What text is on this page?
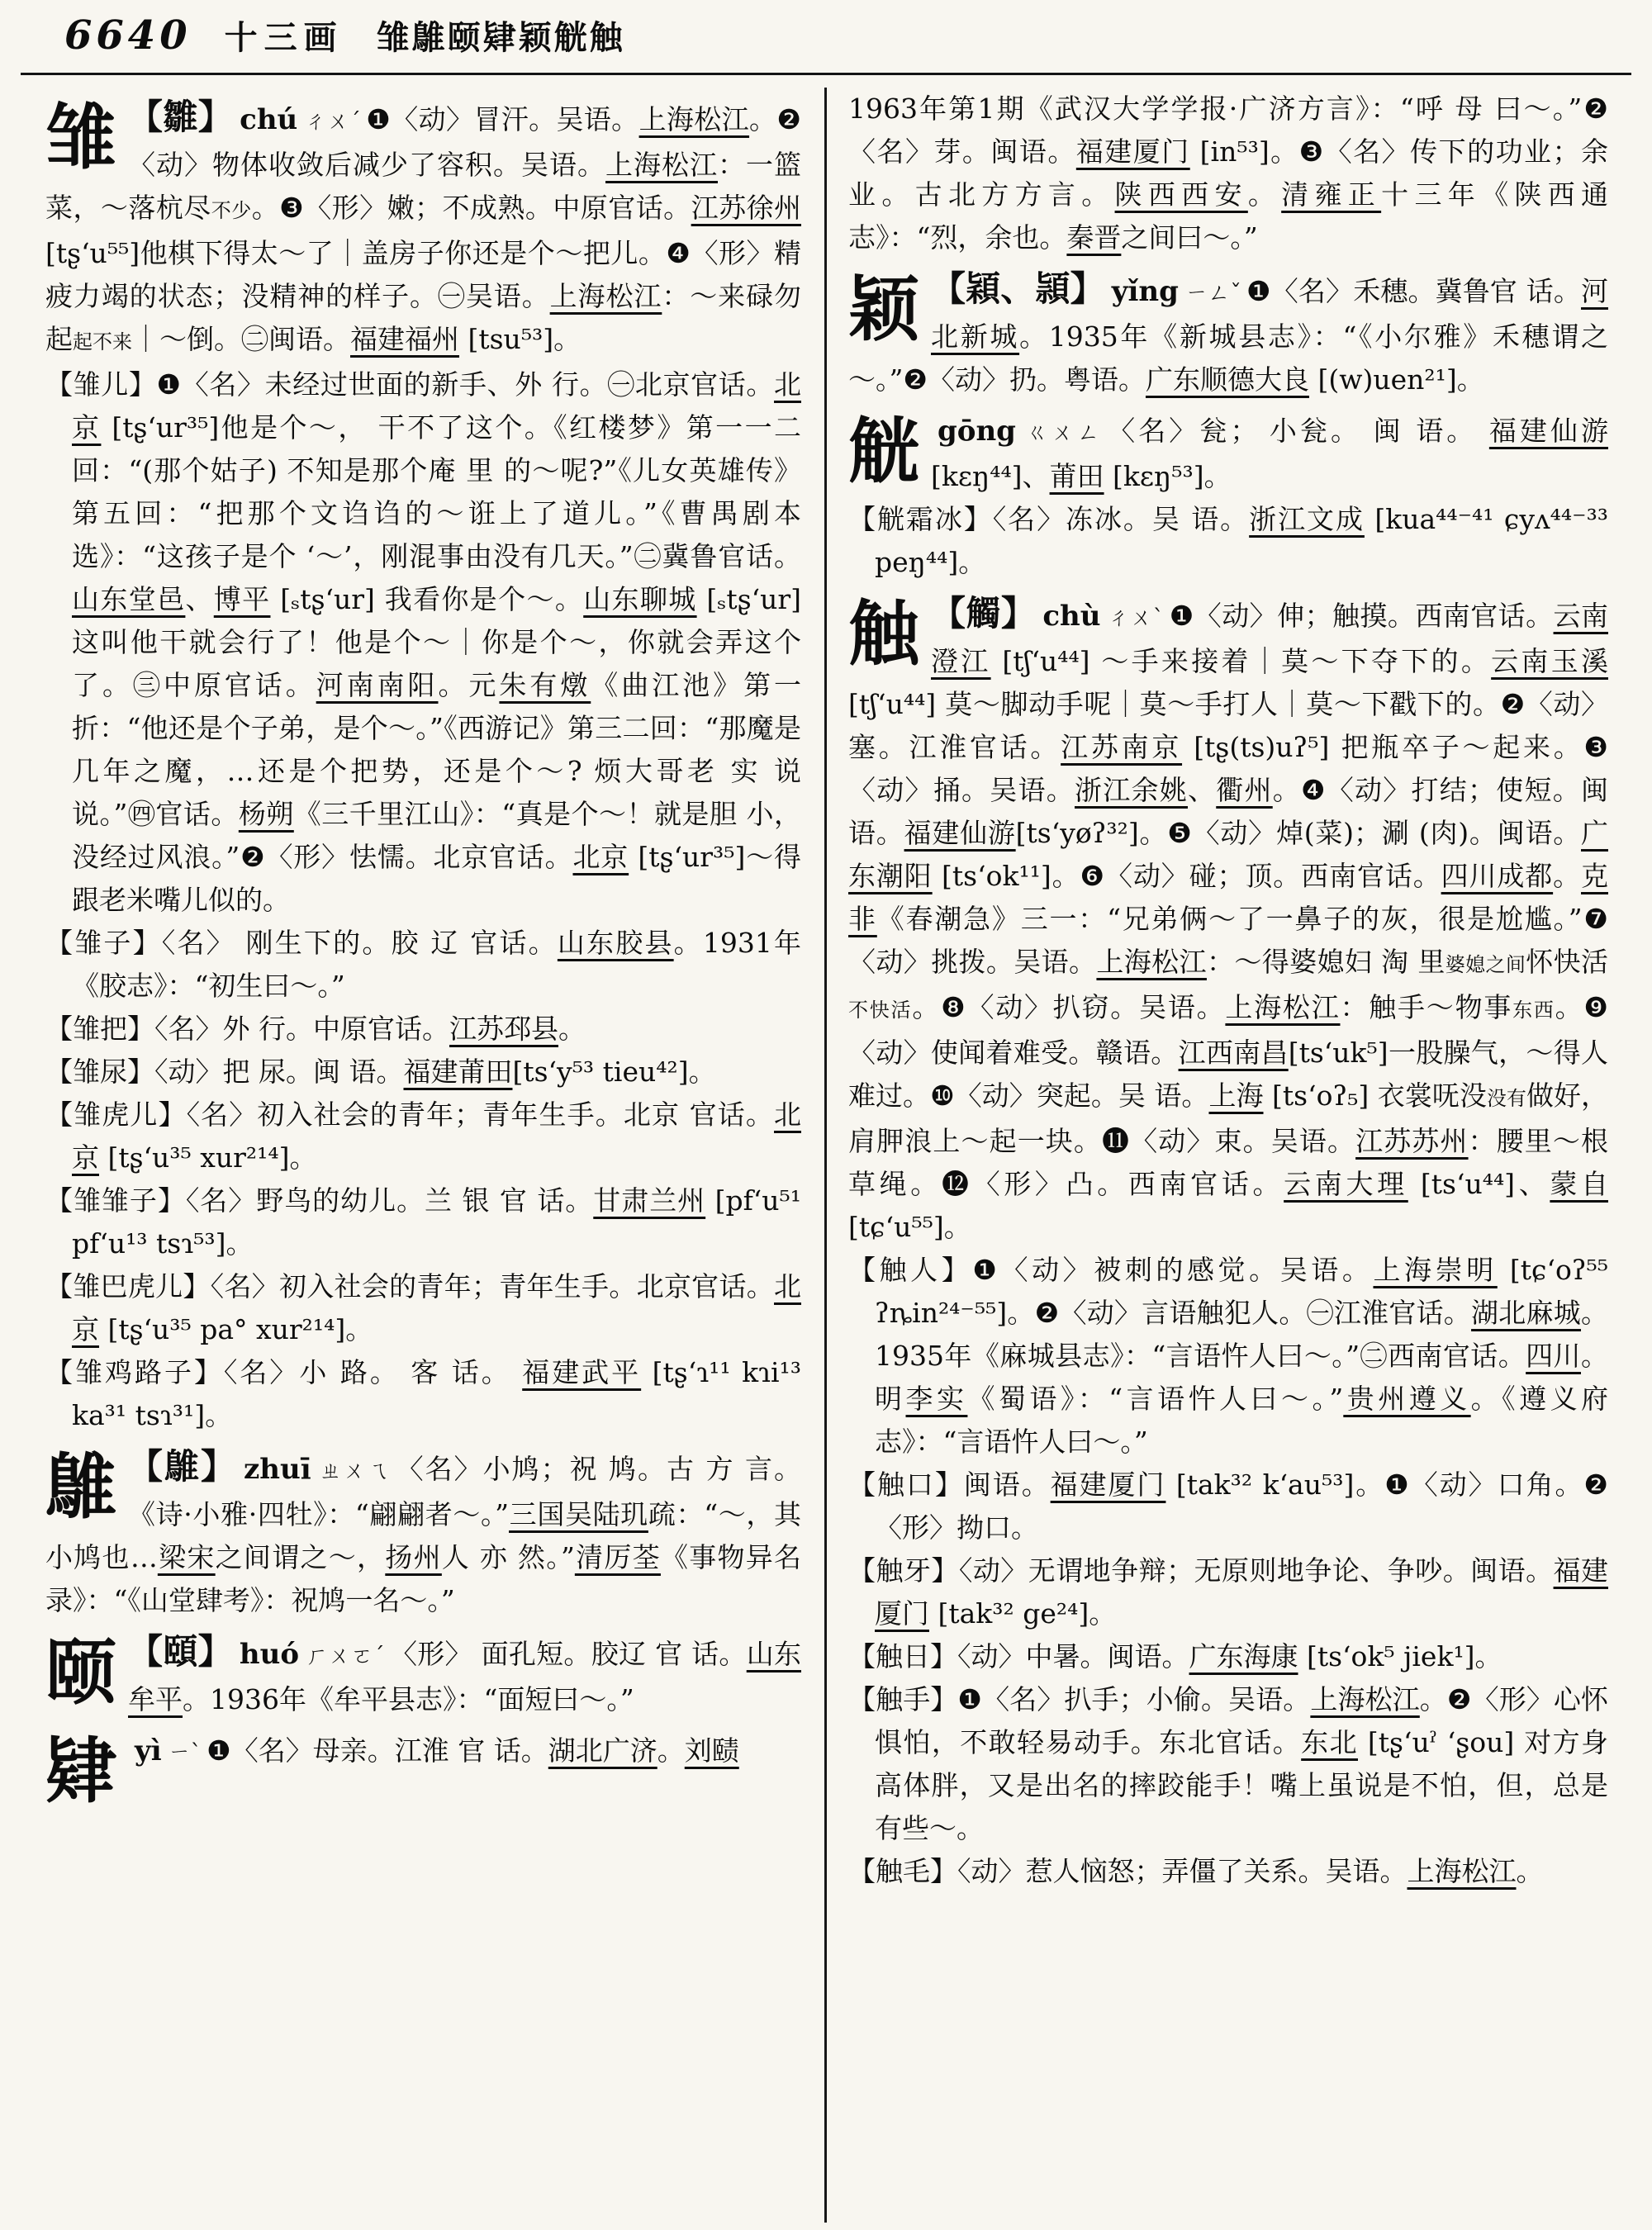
6640 十三画 雏鵻颐肄颖觥触
雏 【雛】 chú ㄔㄨˊ ❶〈动〉冒汗。吴语。上海松江。❷〈动〉物体收敛后减少了容积。吴语。上海松江：一篮菜，～落杭尽不少。❸〈形〉嫩；不成熟。中原官话。江苏徐州 [tʂʻu⁵⁵]他棋下得太～了｜盖房子你还是个～把儿。❹〈形〉精疲力竭的状态；没精神的样子。㊀吴语。上海松江：～来碌勿起起不来｜～倒。㊁闽语。福建福州 [tsu⁵³]。
【雏儿】❶〈名〉未经过世面的新手、外 行。㊀北京官话。北京 [tʂʻur³⁵]他是个～， 干不了这个。《红楼梦》第一一二回：“(那个姑子) 不知是那个庵 里 的～呢?”《儿女英雄传》第五回：“把那个文诌诌的～诳上了道儿。”《曹禺剧本选》：“这孩子是个 ‘～’，刚混事由没有几天。”㊁冀鲁官话。山东堂邑、博平 [ₛtʂʻur] 我看你是个～。山东聊城 [ₛtʂʻur]这叫他干就会行了！他是个～｜你是个～，你就会弄这个了。㊂中原官话。河南南阳。元朱有燉《曲江池》第一折：“他还是个子弟，是个～。”《西游记》第三二回：“那魔是几年之魔，…还是个把势，还是个～? 烦大哥老 实 说 说。”㊃官话。杨朔《三千里江山》：“真是个～！就是胆 小，没经过风浪。”❷〈形〉怯懦。北京官话。北京 [tʂʻur³⁵]～得跟老米嘴儿似的。
【雏子】〈名〉 刚生下的。胶 辽 官话。山东胶县。1931年《胶志》：“初生曰～。”
【雏把】〈名〉外 行。中原官话。江苏邳县。
【雏尿】〈动〉把 尿。闽 语。福建莆田[tsʻy⁵³ tieu⁴²]。
【雏虎儿】〈名〉初入社会的青年；青年生手。北京 官话。北京 [tʂʻu³⁵ xur²¹⁴]。
【雏雏子】〈名〉野鸟的幼儿。兰 银 官 话。甘肃兰州 [pfʻu⁵¹ pfʻu¹³ tsɿ⁵³]。
【雏巴虎儿】〈名〉初入社会的青年；青年生手。北京官话。北京 [tʂʻu³⁵ pa° xur²¹⁴]。
【雏鸡路子】〈名〉小 路。 客 话。 福建武平 [tʂʻɿ¹¹ kɿi¹³ ka³¹ tsɿ³¹]。
鵻 【鵻】 zhuī ㄓㄨㄟ 〈名〉小鸠；祝 鸠。古 方 言。《诗·小雅·四牡》：“翩翩者～。”三国吴陆玑疏：“～，其小鸠也…梁宋之间谓之～，扬州人 亦 然。”清厉荃《事物异名录》：“《山堂肆考》：祝鸠一名～。”
颐 【頤】 huó ㄏㄨㄛˊ 〈形〉 面孔短。胶辽 官 话。山东牟平。1936年《牟平县志》：“面短曰～。”
肄yì ㄧˋ ❶〈名〉母亲。江淮 官 话。湖北广济。刘赜
1963年第1期《武汉大学学报·广济方言》：“呼 母 曰～。”❷〈名〉芽。闽语。福建厦门 [in⁵³]。❸〈名〉传下的功业；余业。古北方方言。陕西西安。清雍正十三年《陕西通志》：“烈，余也。秦晋之间曰～。”
颖 【穎、頴】 yǐng ㄧㄥˇ ❶〈名〉禾穗。冀鲁官 话。河北新城。1935年《新城县志》：“《小尔雅》禾穗谓之～。”❷〈动〉扔。粤语。广东顺德大良 [(w)uen²¹]。
觥gōng ㄍㄨㄥ 〈名〉瓮； 小瓮。 闽 语。 福建仙游 [kɛŋ⁴⁴]、莆田 [kɛŋ⁵³]。
【觥霜冰】〈名〉冻冰。吴 语。浙江文成 [kua⁴⁴⁻⁴¹ ɕyʌ⁴⁴⁻³³ peŋ⁴⁴]。
触 【觸】 chù ㄔㄨˋ ❶〈动〉伸；触摸。西南官话。云南澄江 [tʃʻu⁴⁴] ～手来接着｜莫～下夺下的。云南玉溪 [tʃʻu⁴⁴] 莫～脚动手呢｜莫～手打人｜莫～下戳下的。❷〈动〉塞。江淮官话。江苏南京 [tʂ(ts)uʔ⁵] 把瓶卒子～起来。❸〈动〉捅。吴语。浙江余姚、衢州。❹〈动〉打结；使短。闽语。福建仙游[tsʻyøʔ³²]。❺〈动〉焯(菜)；涮 (肉)。闽语。广东潮阳 [tsʻok¹¹]。❻〈动〉碰；顶。西南官话。四川成都。克非《春潮急》三一：“兄弟俩～了一鼻子的灰，很是尬尴。”❼〈动〉挑拨。吴语。上海松江：～得婆媳妇 淘 里婆媳之间怀快活不快活。❽〈动〉扒窃。吴语。上海松江：触手～物事东西。❾〈动〉使闻着难受。赣语。江西南昌[tsʻuk⁵]一股臊气，～得人难过。❿〈动〉突起。吴 语。上海 [tsʻoʔ₅] 衣裳呒没没有做好，肩胛浪上～起一块。⓫〈动〉束。吴语。江苏苏州：腰里～根草绳。⓬〈形〉凸。西南官话。云南大理 [tsʻu⁴⁴]、蒙自 [tɕʻu⁵⁵]。
【触人】❶〈动〉被刺的感觉。吴语。上海崇明 [tɕʻoʔ⁵⁵ ʔȵin²⁴⁻⁵⁵]。❷〈动〉言语触犯人。㊀江淮官话。湖北麻城。1935年《麻城县志》：“言语忤人曰～。”㊁西南官话。四川。明李实《蜀语》：“言语忤人曰～。”贵州遵义。《遵义府志》：“言语忤人曰～。”
【触口】闽语。福建厦门 [tak³² kʻau⁵³]。❶〈动〉口角。❷〈形〉拗口。
【触牙】〈动〉无谓地争辩；无原则地争论、争吵。闽语。福建厦门 [tak³² ge²⁴]。
【触日】〈动〉中暑。闽语。广东海康 [tsʻok⁵ jiek¹]。
【触手】❶〈名〉扒手；小偷。吴语。上海松江。❷〈形〉心怀惧怕，不敢轻易动手。东北官话。东北 [tʂʻuˀ ʻʂou] 对方身高体胖，又是出名的摔跤能手！嘴上虽说是不怕，但，总是有些～。
【触毛】〈动〉惹人恼怒；弄僵了关系。吴语。上海松江。
